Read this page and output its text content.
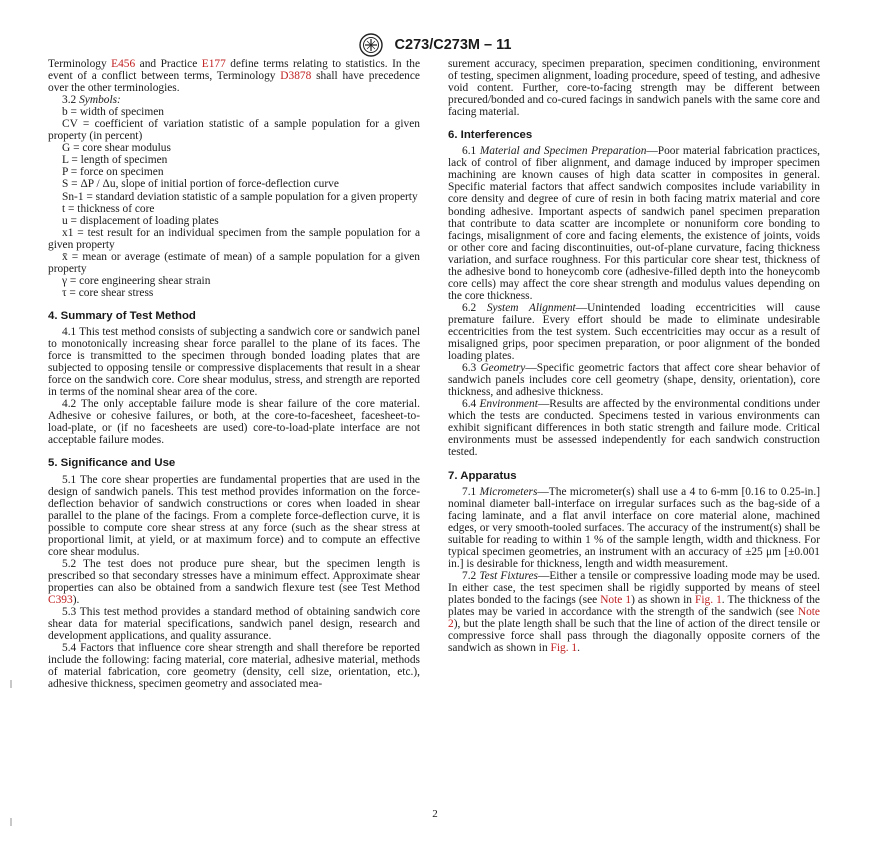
C273/C273M – 11

Terminology E456 and Practice E177 define terms relating to statistics. In the event of a conflict between terms, Terminology D3878 shall have precedence over the other terminologies.

3.2 Symbols:

b = width of specimen

CV = coefficient of variation statistic of a sample population for a given property (in percent)

G = core shear modulus

L = length of specimen

P = force on specimen

S = ΔP / Δu, slope of initial portion of force-deflection curve

Sn-1 = standard deviation statistic of a sample population for a given property

t = thickness of core

u = displacement of loading plates

x1 = test result for an individual specimen from the sample population for a given property

x̄ = mean or average (estimate of mean) of a sample population for a given property

γ = core engineering shear strain

τ = core shear stress

4. Summary of Test Method

4.1 This test method consists of subjecting a sandwich core or sandwich panel to monotonically increasing shear force parallel to the plane of its faces. The force is transmitted to the specimen through bonded loading plates that are subjected to opposing tensile or compressive displacements that result in a shear force on the sandwich core. Core shear modulus, stress, and strength are reported in terms of the nominal shear area of the core.

4.2 The only acceptable failure mode is shear failure of the core material. Adhesive or cohesive failures, or both, at the core-to-facesheet, facesheet-to-load-plate, or (if no facesheets are used) core-to-load-plate interface are not acceptable failure modes.

5. Significance and Use

5.1 The core shear properties are fundamental properties that are used in the design of sandwich panels. This test method provides information on the force-deflection behavior of sandwich constructions or cores when loaded in shear parallel to the plane of the facings. From a complete force-deflection curve, it is possible to compute core shear stress at any force (such as the shear stress at proportional limit, at yield, or at maximum force) and to compute an effective core shear modulus.

5.2 The test does not produce pure shear, but the specimen length is prescribed so that secondary stresses have a minimum effect. Approximate shear properties can also be obtained from a sandwich flexure test (see Test Method C393).

5.3 This test method provides a standard method of obtaining sandwich core shear data for material specifications, sandwich panel design, research and development applications, and quality assurance.

5.4 Factors that influence core shear strength and shall therefore be reported include the following: facing material, core material, adhesive material, methods of material fabrication, core geometry (density, cell size, orientation, etc.), adhesive thickness, specimen geometry and associated mea-

surement accuracy, specimen preparation, specimen conditioning, environment of testing, specimen alignment, loading procedure, speed of testing, and adhesive void content. Further, core-to-facing strength may be different between precured/bonded and co-cured facings in sandwich panels with the same core and facing material.

6. Interferences

6.1 Material and Specimen Preparation—Poor material fabrication practices, lack of control of fiber alignment, and damage induced by improper specimen machining are known causes of high data scatter in composites in general. Specific material factors that affect sandwich composites include variability in core density and degree of cure of resin in both facing matrix material and core bonding adhesive. Important aspects of sandwich panel specimen preparation that contribute to data scatter are incomplete or nonuniform core bonding to facings, misalignment of core and facing elements, the existence of joints, voids or other core and facing discontinuities, out-of-plane curvature, facing thickness variation, and surface roughness. For this particular core shear test, thickness of the adhesive bond to honeycomb core (adhesive-filled depth into the honeycomb core cells) may affect the core shear strength and modulus values depending on the core thickness.

6.2 System Alignment—Unintended loading eccentricities will cause premature failure. Every effort should be made to eliminate undesirable eccentricities from the test system. Such eccentricities may occur as a result of misaligned grips, poor specimen preparation, or poor alignment of the bonded loading plates.

6.3 Geometry—Specific geometric factors that affect core shear behavior of sandwich panels includes core cell geometry (shape, density, orientation), core thickness, and adhesive thickness.

6.4 Environment—Results are affected by the environmental conditions under which the tests are conducted. Specimens tested in various environments can exhibit significant differences in both static strength and failure mode. Critical environments must be assessed independently for each sandwich construction tested.

7. Apparatus

7.1 Micrometers—The micrometer(s) shall use a 4 to 6-mm [0.16 to 0.25-in.] nominal diameter ball-interface on irregular surfaces such as the bag-side of a facing laminate, and a flat anvil interface on core material alone, machined edges, or very smooth-tooled surfaces. The accuracy of the instrument(s) shall be suitable for reading to within 1 % of the sample length, width and thickness. For typical specimen geometries, an instrument with an accuracy of ±25 μm [±0.001 in.] is desirable for thickness, length and width measurement.

7.2 Test Fixtures—Either a tensile or compressive loading mode may be used. In either case, the test specimen shall be rigidly supported by means of steel plates bonded to the facings (see Note 1) as shown in Fig. 1. The thickness of the plates may be varied in accordance with the strength of the sandwich (see Note 2), but the plate length shall be such that the line of action of the direct tensile or compressive force shall pass through the diagonally opposite corners of the sandwich as shown in Fig. 1.

2
